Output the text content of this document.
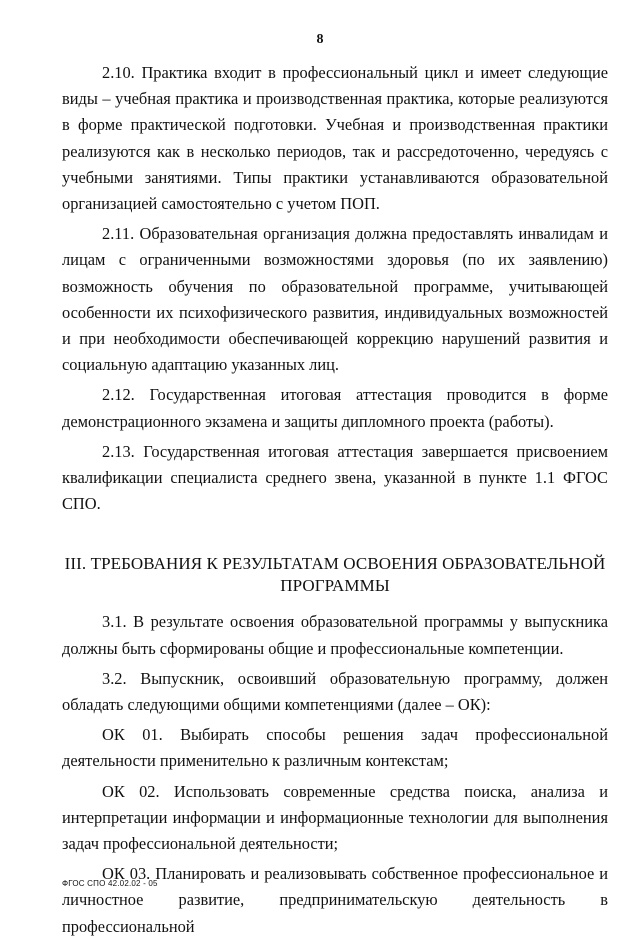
8

2.10. Практика входит в профессиональный цикл и имеет следующие виды – учебная практика и производственная практика, которые реализуются в форме практической подготовки. Учебная и производственная практики реализуются как в несколько периодов, так и рассредоточенно, чередуясь с учебными занятиями. Типы практики устанавливаются образовательной организацией самостоятельно с учетом ПОП.

2.11. Образовательная организация должна предоставлять инвалидам и лицам с ограниченными возможностями здоровья (по их заявлению) возможность обучения по образовательной программе, учитывающей особенности их психофизического развития, индивидуальных возможностей и при необходимости обеспечивающей коррекцию нарушений развития и социальную адаптацию указанных лиц.

2.12. Государственная итоговая аттестация проводится в форме демонстрационного экзамена и защиты дипломного проекта (работы).

2.13. Государственная итоговая аттестация завершается присвоением квалификации специалиста среднего звена, указанной в пункте 1.1 ФГОС СПО.

III. ТРЕБОВАНИЯ К РЕЗУЛЬТАТАМ ОСВОЕНИЯ ОБРАЗОВАТЕЛЬНОЙ ПРОГРАММЫ

3.1. В результате освоения образовательной программы у выпускника должны быть сформированы общие и профессиональные компетенции.

3.2. Выпускник, освоивший образовательную программу, должен обладать следующими общими компетенциями (далее – ОК):

ОК 01. Выбирать способы решения задач профессиональной деятельности применительно к различным контекстам;

ОК 02. Использовать современные средства поиска, анализа и интерпретации информации и информационные технологии для выполнения задач профессиональной деятельности;

ОК 03. Планировать и реализовывать собственное профессиональное и личностное развитие, предпринимательскую деятельность в профессиональной

ФГОС СПО 42.02.02 - 05
